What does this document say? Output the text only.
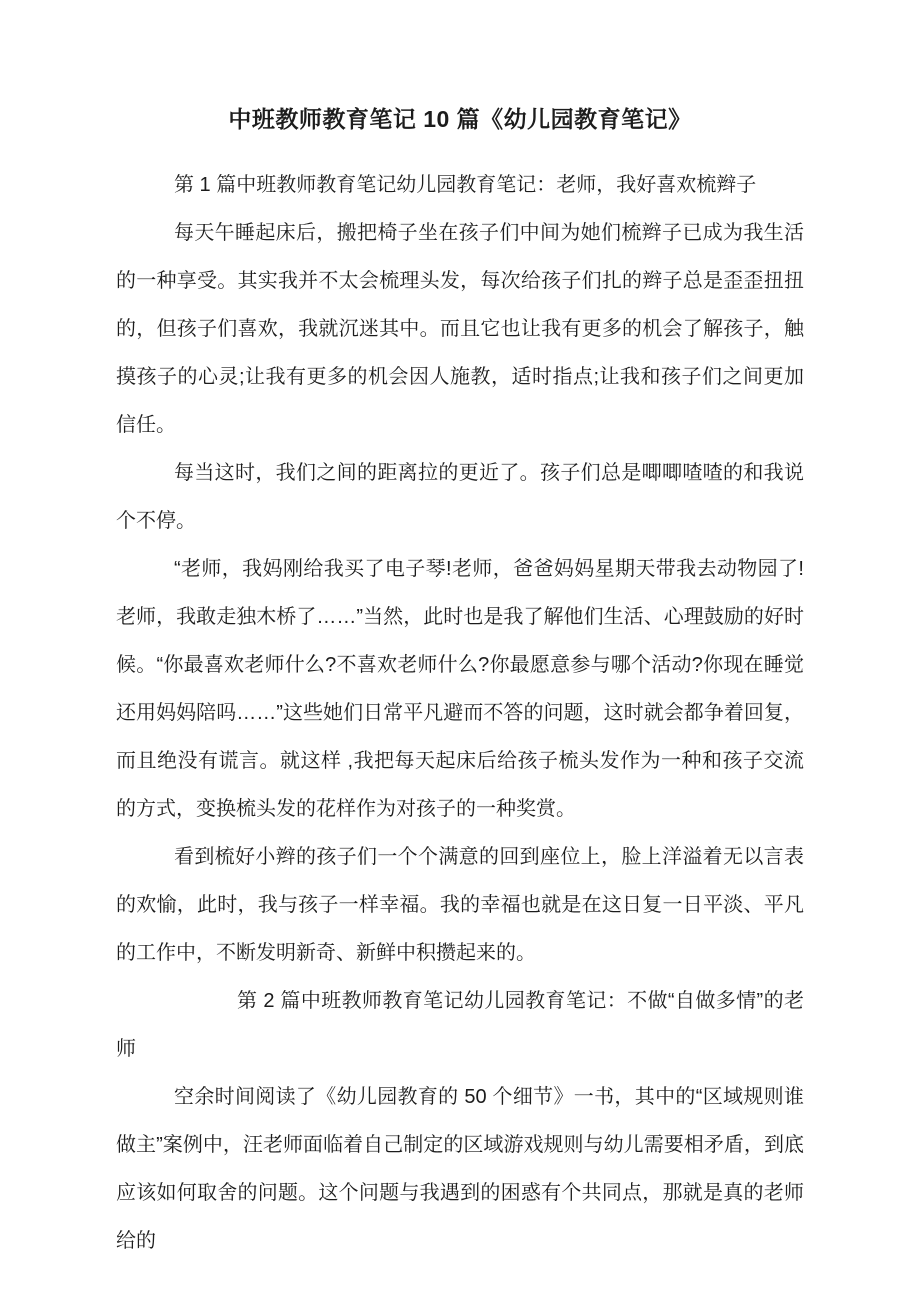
中班教师教育笔记 10 篇《幼儿园教育笔记》

第 1 篇中班教师教育笔记幼儿园教育笔记：老师，我好喜欢梳辫子

每天午睡起床后，搬把椅子坐在孩子们中间为她们梳辫子已成为我生活的一种享受。其实我并不太会梳理头发，每次给孩子们扎的辫子总是歪歪扭扭的，但孩子们喜欢，我就沉迷其中。而且它也让我有更多的机会了解孩子，触摸孩子的心灵;让我有更多的机会因人施教，适时指点;让我和孩子们之间更加信任。

每当这时，我们之间的距离拉的更近了。孩子们总是唧唧喳喳的和我说个不停。

“老师，我妈刚给我买了电子琴!老师，爸爸妈妈星期天带我去动物园了!老师，我敢走独木桥了……”当然，此时也是我了解他们生活、心理鼓励的好时候。“你最喜欢老师什么?不喜欢老师什么?你最愿意参与哪个活动?你现在睡觉还用妈妈陪吗……”这些她们日常平凡避而不答的问题，这时就会都争着回复，而且绝没有谎言。就这样 ,我把每天起床后给孩子梳头发作为一种和孩子交流的方式，变换梳头发的花样作为对孩子的一种奖赏。

看到梳好小辫的孩子们一个个满意的回到座位上，脸上洋溢着无以言表的欢愉，此时，我与孩子一样幸福。我的幸福也就是在这日复一日平淡、平凡的工作中，不断发明新奇、新鲜中积攒起来的。

第 2 篇中班教师教育笔记幼儿园教育笔记：不做“自做多情”的老师

空余时间阅读了《幼儿园教育的 50 个细节》一书，其中的“区域规则谁做主”案例中，汪老师面临着自己制定的区域游戏规则与幼儿需要相矛盾，到底应该如何取舍的问题。这个问题与我遇到的困惑有个共同点，那就是真的老师给的
